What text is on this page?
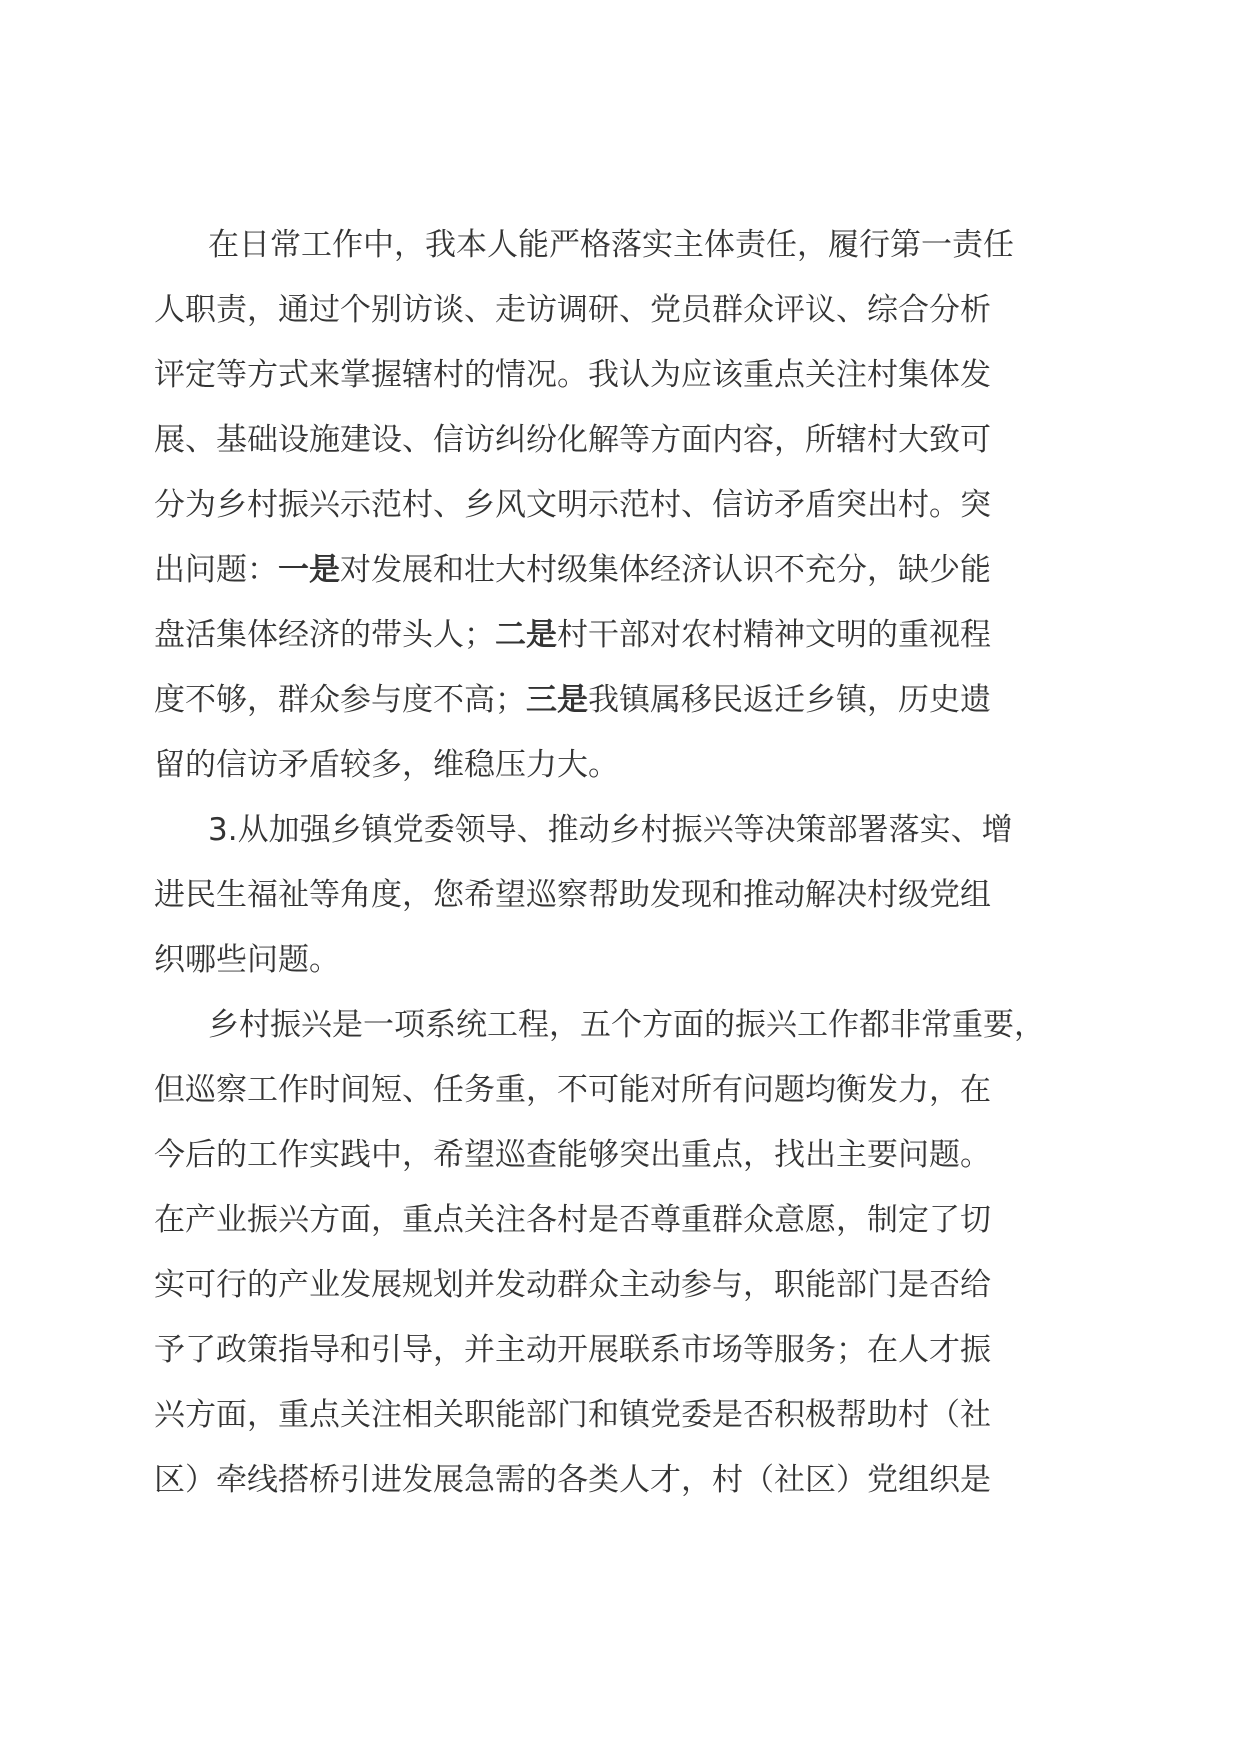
在日常工作中，我本人能严格落实主体责任，履行第一责任
人职责，通过个别访谈、走访调研、党员群众评议、综合分析
评定等方式来掌握辖村的情况。我认为应该重点关注村集体发
展、基础设施建设、信访纠纷化解等方面内容，所辖村大致可
分为乡村振兴示范村、乡风文明示范村、信访矛盾突出村。突
出问题：一是对发展和壮大村级集体经济认识不充分，缺少能
盘活集体经济的带头人；二是村干部对农村精神文明的重视程
度不够，群众参与度不高；三是我镇属移民返迁乡镇，历史遗
留的信访矛盾较多，维稳压力大。
3.从加强乡镇党委领导、推动乡村振兴等决策部署落实、增
进民生福祉等角度，您希望巡察帮助发现和推动解决村级党组
织哪些问题。
乡村振兴是一项系统工程，五个方面的振兴工作都非常重要，
但巡察工作时间短、任务重，不可能对所有问题均衡发力，在
今后的工作实践中，希望巡查能够突出重点，找出主要问题。
在产业振兴方面，重点关注各村是否尊重群众意愿，制定了切
实可行的产业发展规划并发动群众主动参与，职能部门是否给
予了政策指导和引导，并主动开展联系市场等服务；在人才振
兴方面，重点关注相关职能部门和镇党委是否积极帮助村（社
区）牵线搭桥引进发展急需的各类人才，村（社区）党组织是
